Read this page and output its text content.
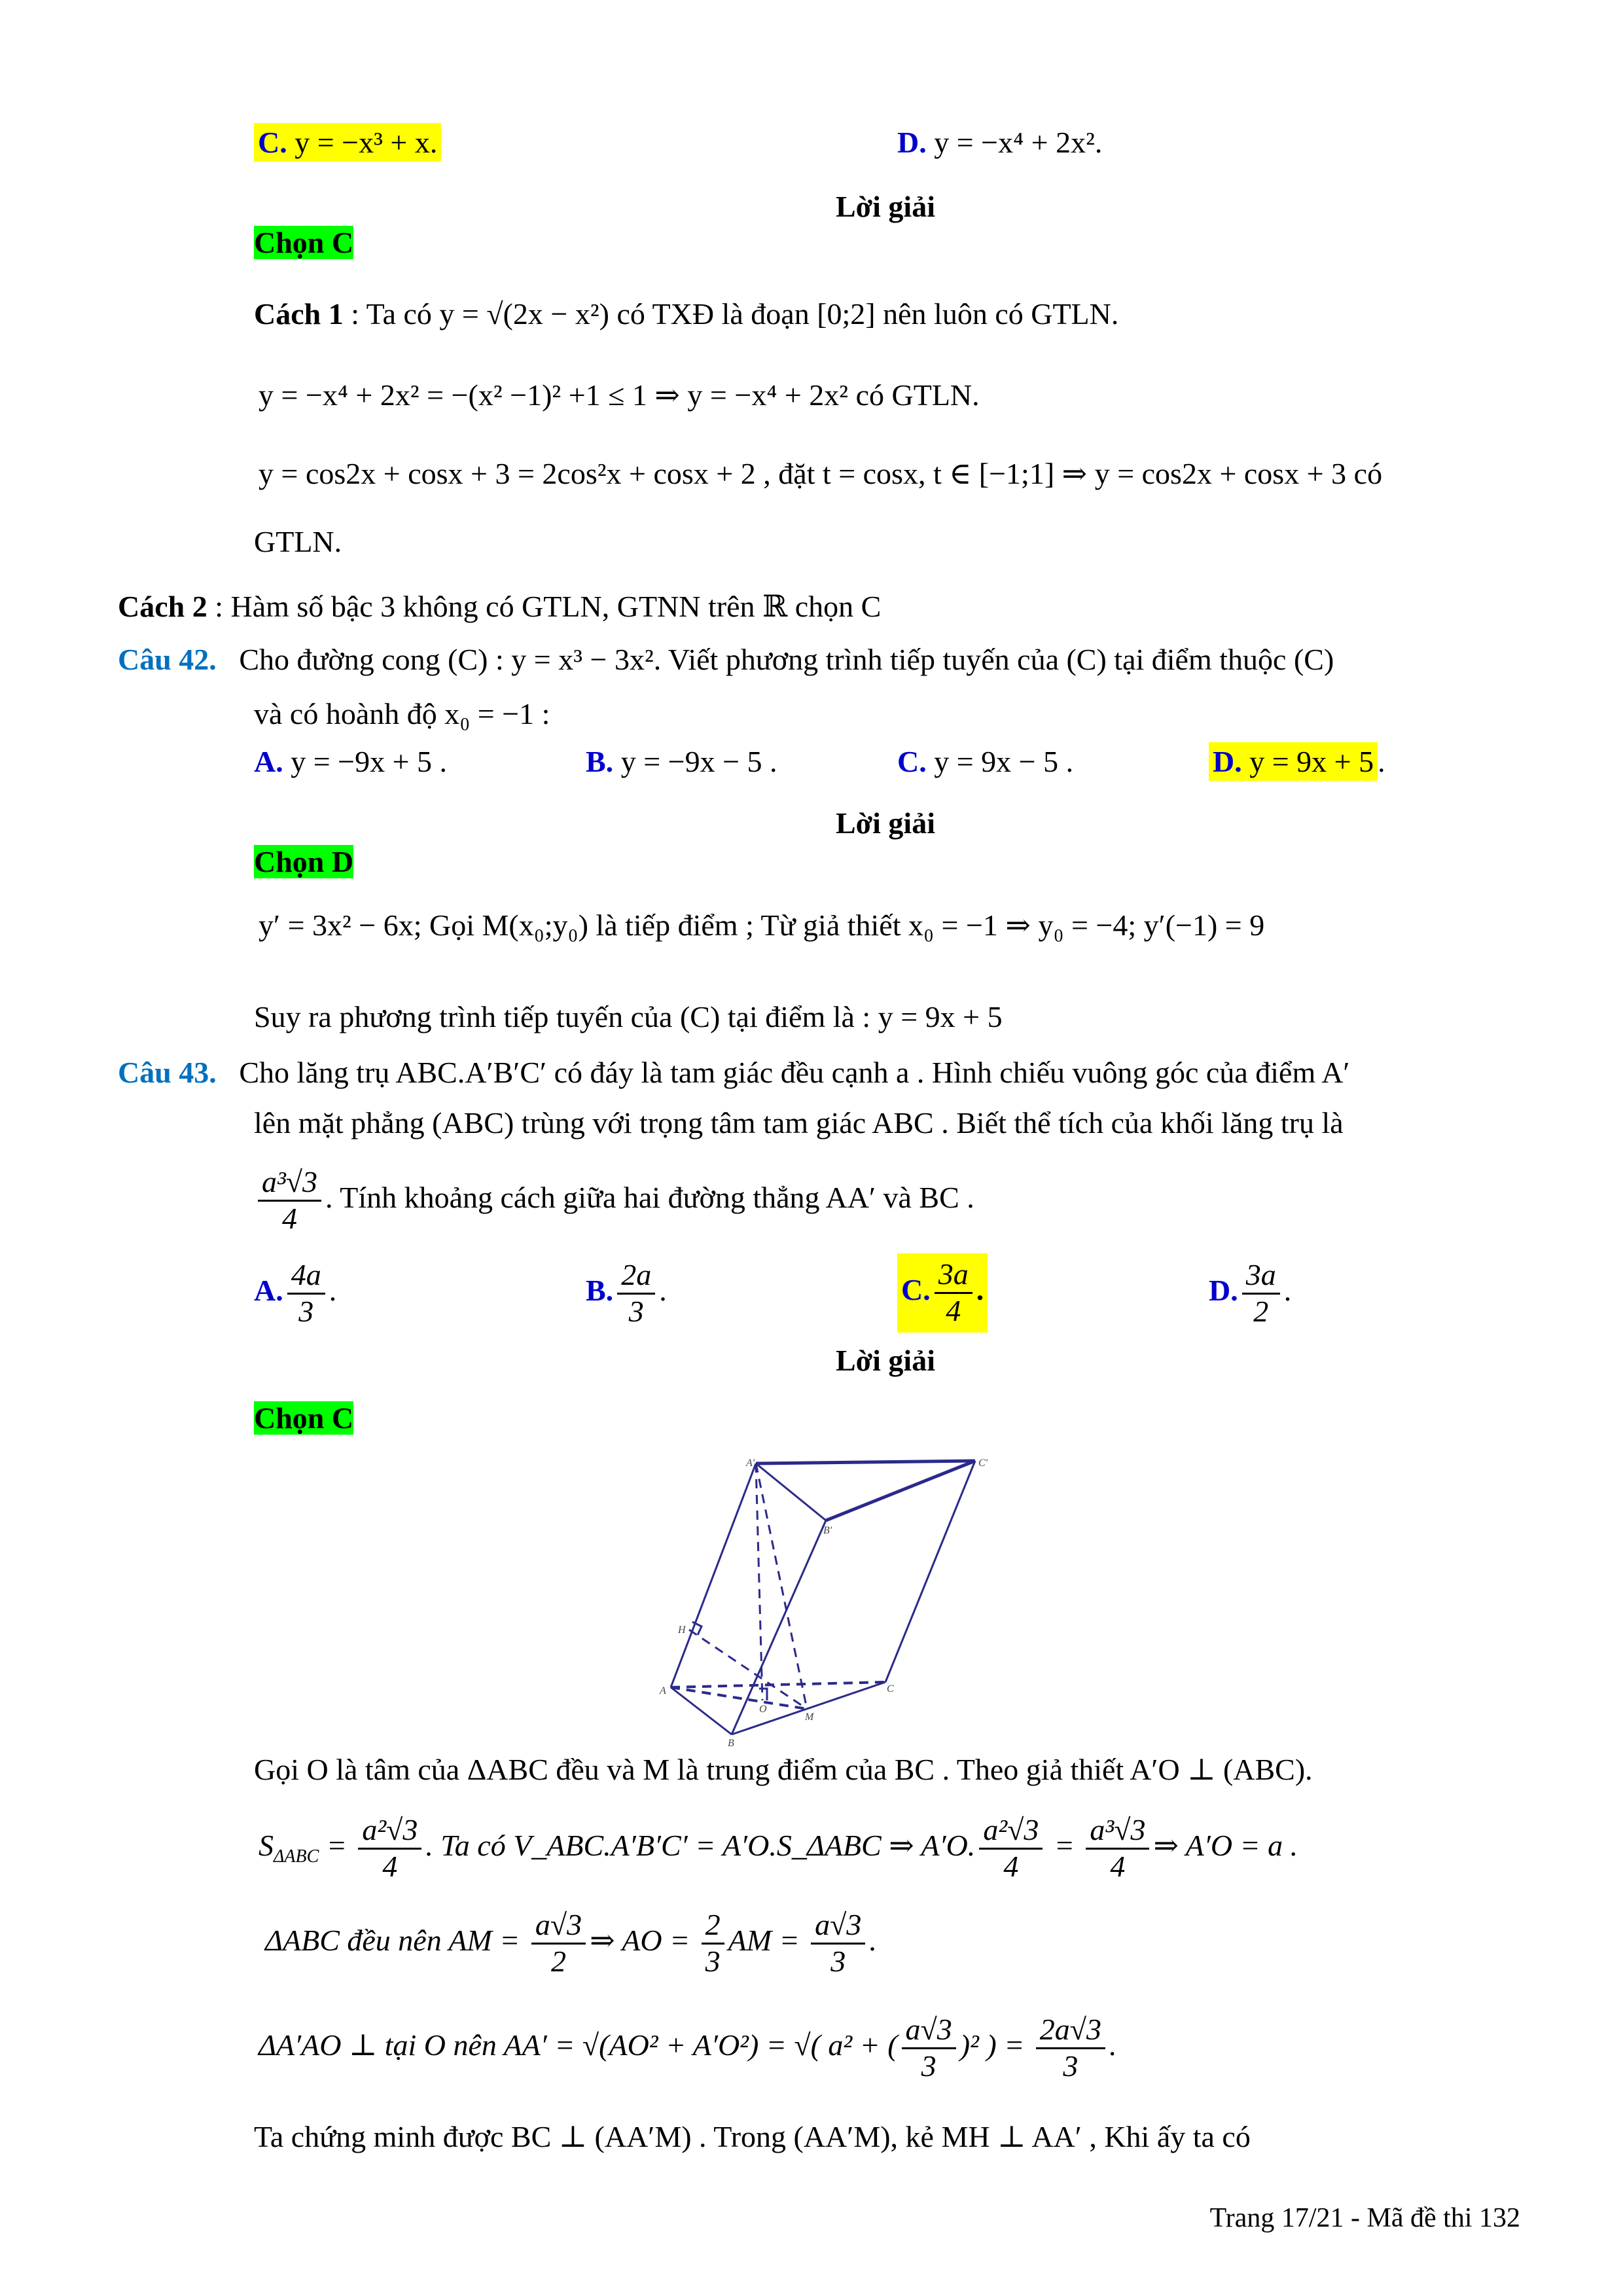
C. y = −x³ + x.	D. y = −x⁴ + 2x².
Lời giải
Chọn C
Cách 1 : Ta có y = √(2x − x²) có TXĐ là đoạn [0;2] nên luôn có GTLN.
y = −x⁴ + 2x² = −(x² −1)² +1 ≤ 1 ⇒ y = −x⁴ + 2x² có GTLN.
y = cos2x + cosx + 3 = 2cos²x + cosx + 2 , đặt t = cosx, t ∈ [−1;1] ⇒ y = cos2x + cosx + 3 có
GTLN.
Cách 2 : Hàm số bậc 3 không có GTLN, GTNN trên ℝ chọn C
Câu 42. Cho đường cong (C) : y = x³ − 3x². Viết phương trình tiếp tuyến của (C) tại điểm thuộc (C)
và có hoành độ x₀ = −1 :
A. y = −9x + 5 .	B. y = −9x − 5 .	C. y = 9x − 5 .	D. y = 9x + 5 .
Lời giải
Chọn D
y′ = 3x² − 6x; Gọi M(x₀;y₀) là tiếp điểm ; Từ giả thiết x₀ = −1 ⇒ y₀ = −4; y′(−1) = 9
Suy ra phương trình tiếp tuyến của (C) tại điểm là : y = 9x + 5
Câu 43. Cho lăng trụ ABC.A′B′C′ có đáy là tam giác đều cạnh a . Hình chiếu vuông góc của điểm A′
lên mặt phẳng (ABC) trùng với trọng tâm tam giác ABC . Biết thể tích của khối lăng trụ là
$\frac{\text{a³√3}}{4}$ . Tính khoảng cách giữa hai đường thẳng AA′ và BC .
A. $\frac{4a}{3}$ .	B. $\frac{2a}{3}$ .	C. $\frac{3a}{4}$ .	D. $\frac{3a}{2}$ .
Lời giải
Chọn C
A′	C′
B′
H
A	C
O
M
B
Gọi O là tâm của ΔABC đều và M là trung điểm của BC . Theo giả thiết A′O ⊥ (ABC).
$S_{\Delta ABC} = \frac{\text{a²√3}}{4}$ . Ta có V_ABC.A′B′C′ = A′O.S_ΔABC ⇒ A′O. $\frac{\text{a²√3}}{4} = \frac{\text{a³√3}}{4}$ ⇒ A′O = a .
ΔABC đều nên AM = $\frac{a√3}{2}$ ⇒ AO = $\frac{2}{3}$ AM = $\frac{a√3}{3}$ .
ΔA′AO ⊥ tại O nên AA′ = √(AO² + A′O²) = √( a² + ( $\frac{a√3}{3} )^2$ ) = $\frac{2a√3}{3}$ .
Ta chứng minh được BC ⊥ (AA′M) . Trong (AA′M), kẻ MH ⊥ AA′ , Khi ấy ta có
Trang 17/21 - Mã đề thi 132
